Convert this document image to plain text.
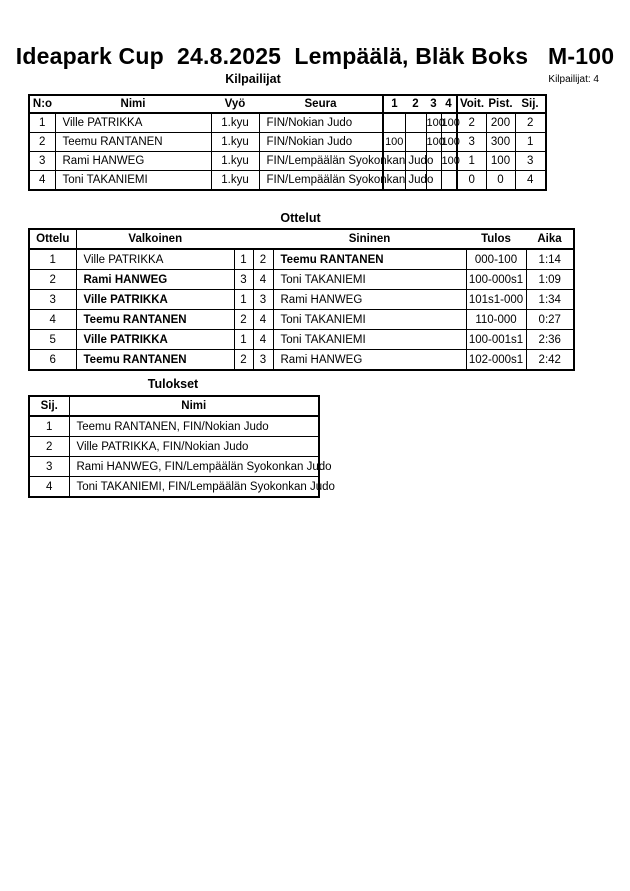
Ideapark Cup  24.8.2025  Lempäälä, Bläk Boks   M-100
Kilpailijat	Kilpailijat: 4
N:o	Nimi	Vyö	Seura	1	2	3	4	Voit.	Pist.	Sij.
1	Ville PATRIKKA	1.kyu	FIN/Nokian Judo			100	100	2	200	2
2	Teemu RANTANEN	1.kyu	FIN/Nokian Judo	100		100	100	3	300	1
3	Rami HANWEG	1.kyu	FIN/Lempäälän Syokonkan Judo				100	1	100	3
4	Toni TAKANIEMI	1.kyu	FIN/Lempäälän Syokonkan Judo					0	0	4
Ottelut
Ottelu	Valkoinen			Sininen	Tulos	Aika
1	Ville PATRIKKA	1	2	Teemu RANTANEN	000-100	1:14
2	Rami HANWEG	3	4	Toni TAKANIEMI	100-000s1	1:09
3	Ville PATRIKKA	1	3	Rami HANWEG	101s1-000	1:34
4	Teemu RANTANEN	2	4	Toni TAKANIEMI	110-000	0:27
5	Ville PATRIKKA	1	4	Toni TAKANIEMI	100-001s1	2:36
6	Teemu RANTANEN	2	3	Rami HANWEG	102-000s1	2:42
Tulokset
Sij.	Nimi
1	Teemu RANTANEN, FIN/Nokian Judo
2	Ville PATRIKKA, FIN/Nokian Judo
3	Rami HANWEG, FIN/Lempäälän Syokonkan Judo
4	Toni TAKANIEMI, FIN/Lempäälän Syokonkan Judo
